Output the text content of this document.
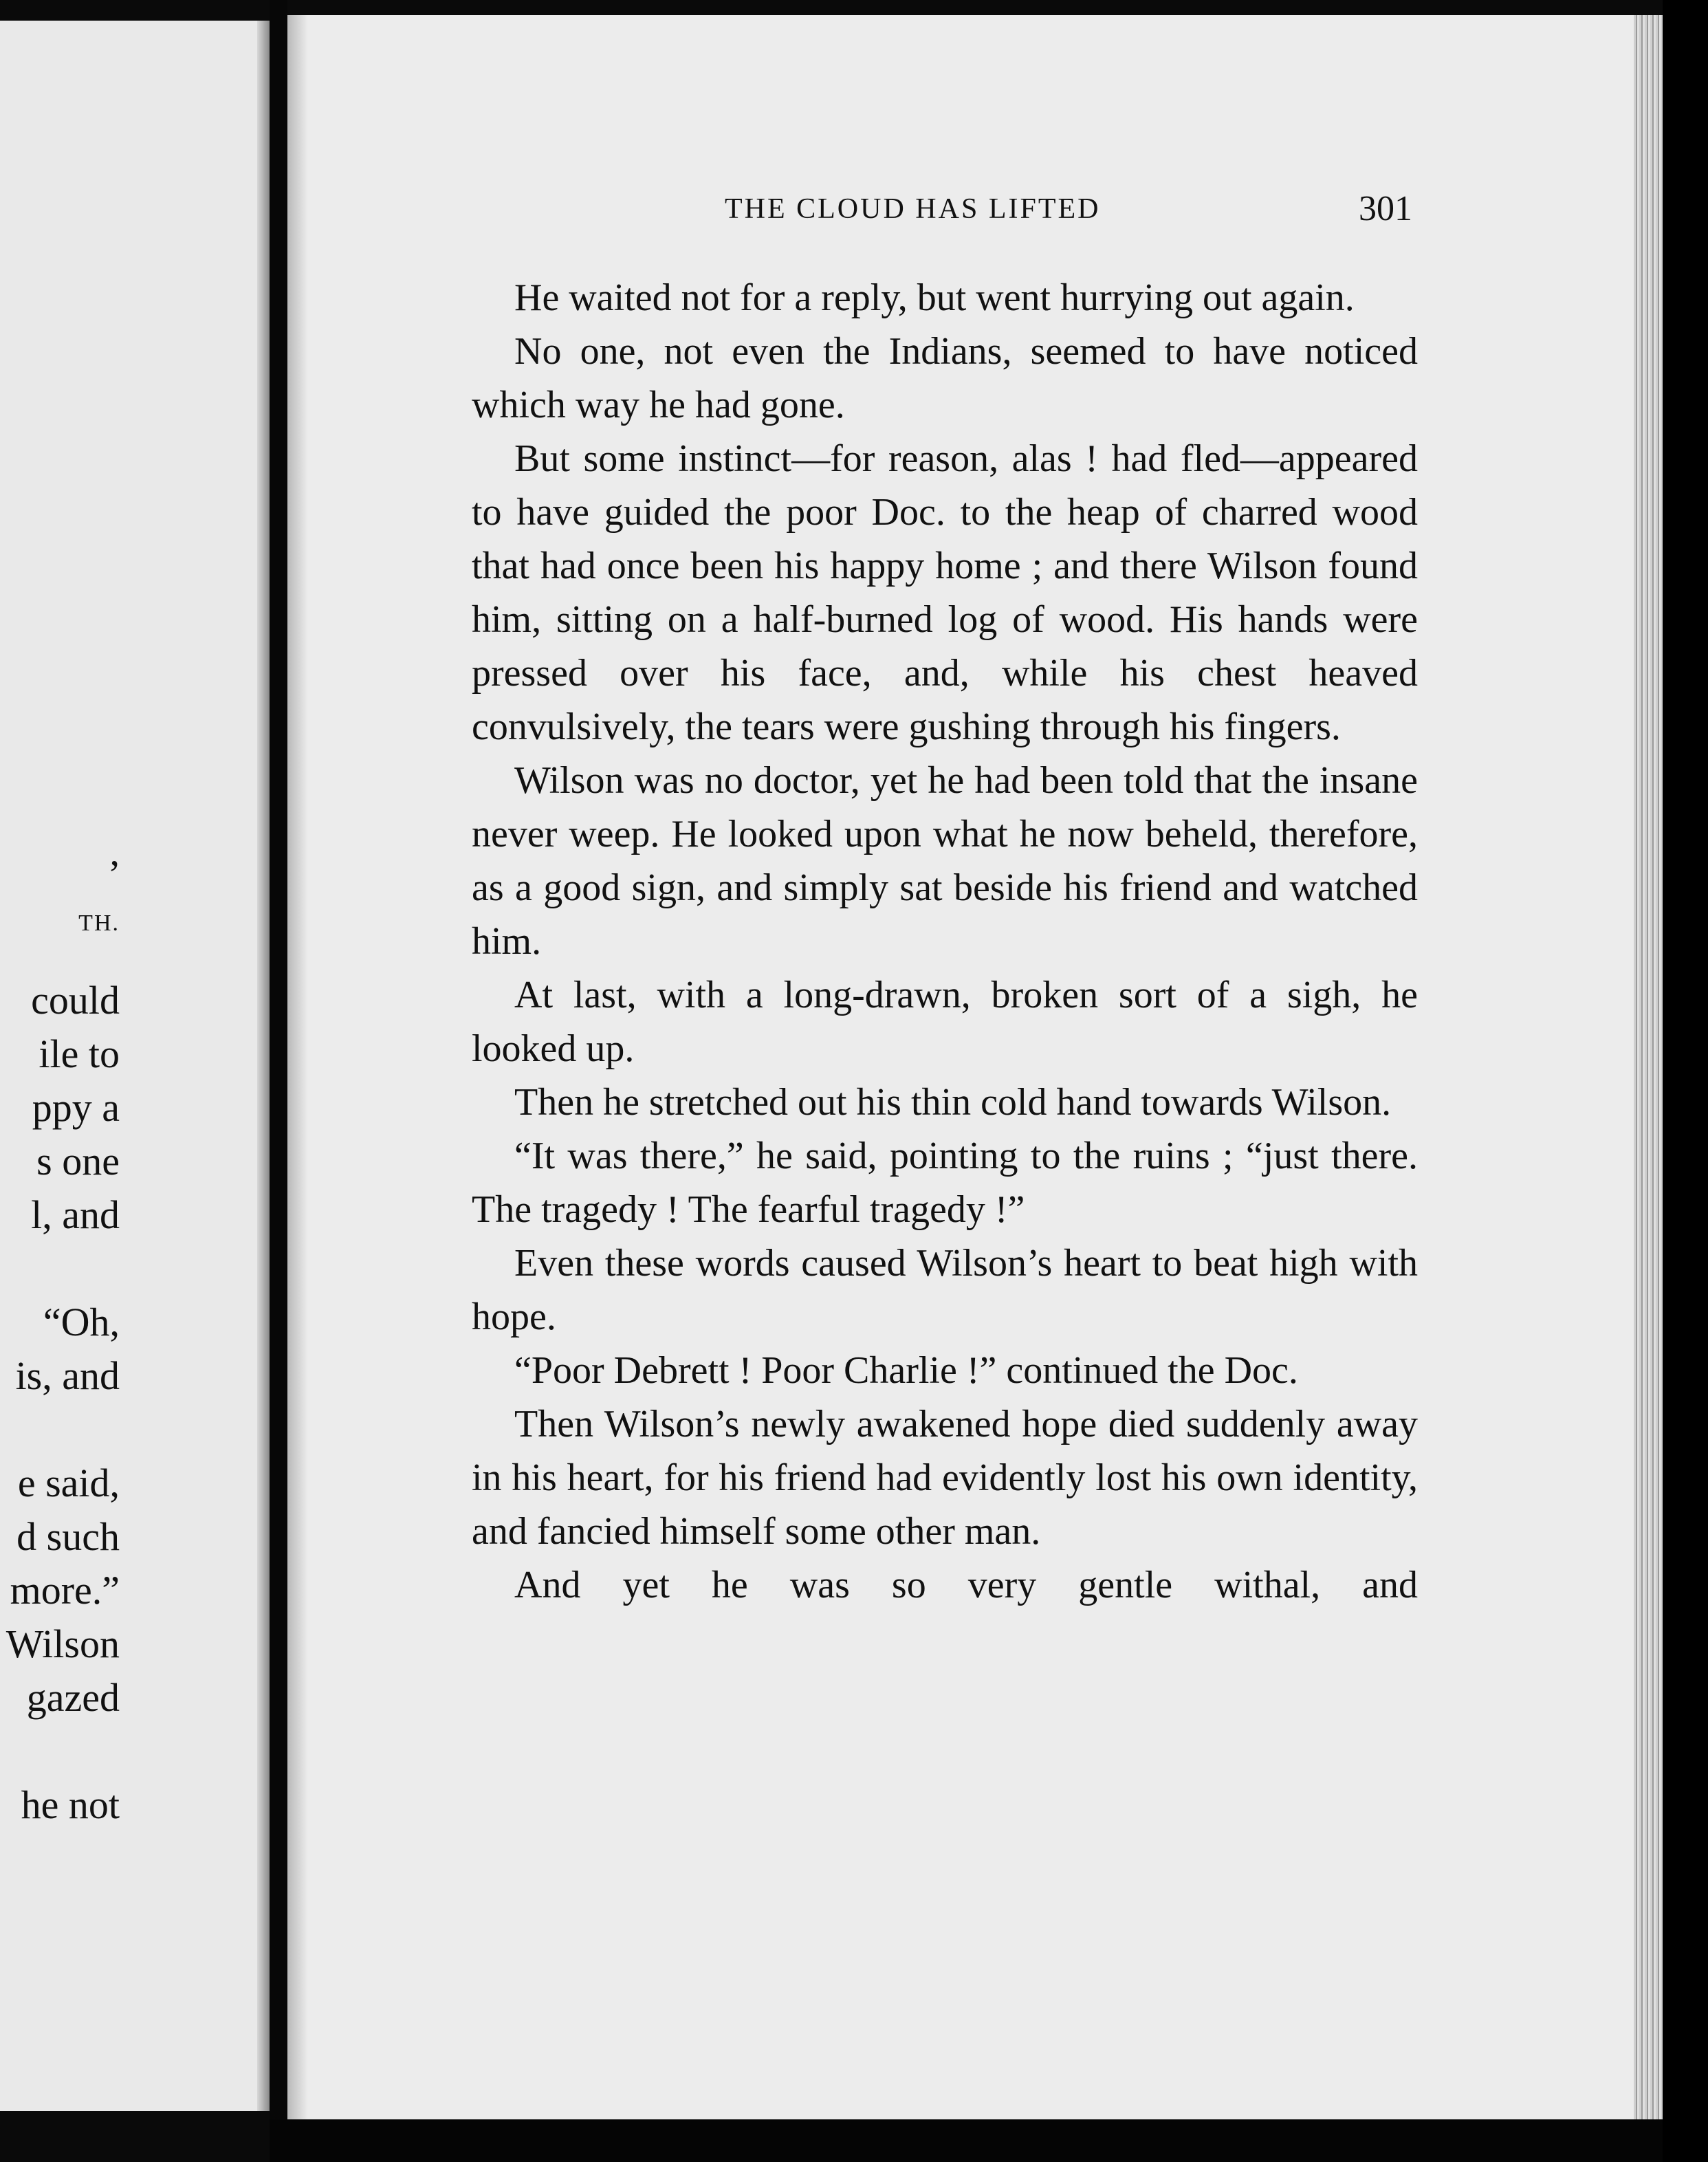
,
TH.
could
ile to
ppy a
s one
l, and
“Oh,
is, and
e said,
d such
more.”
Wilson
gazed
he not
THE CLOUD HAS LIFTED	301

He waited not for a reply, but went hurrying out again.

No one, not even the Indians, seemed to have noticed which way he had gone.

But some instinct—for reason, alas ! had fled—appeared to have guided the poor Doc. to the heap of charred wood that had once been his happy home ; and there Wilson found him, sitting on a half-burned log of wood. His hands were pressed over his face, and, while his chest heaved convulsively, the tears were gushing through his fingers.

Wilson was no doctor, yet he had been told that the insane never weep. He looked upon what he now beheld, therefore, as a good sign, and simply sat beside his friend and watched him.

At last, with a long-drawn, broken sort of a sigh, he looked up.

Then he stretched out his thin cold hand towards Wilson.

“It was there,” he said, pointing to the ruins ; “just there. The tragedy ! The fearful tragedy !”

Even these words caused Wilson’s heart to beat high with hope.

“Poor Debrett ! Poor Charlie !” continued the Doc.

Then Wilson’s newly awakened hope died suddenly away in his heart, for his friend had evidently lost his own identity, and fancied himself some other man.

And yet he was so very gentle withal, and
